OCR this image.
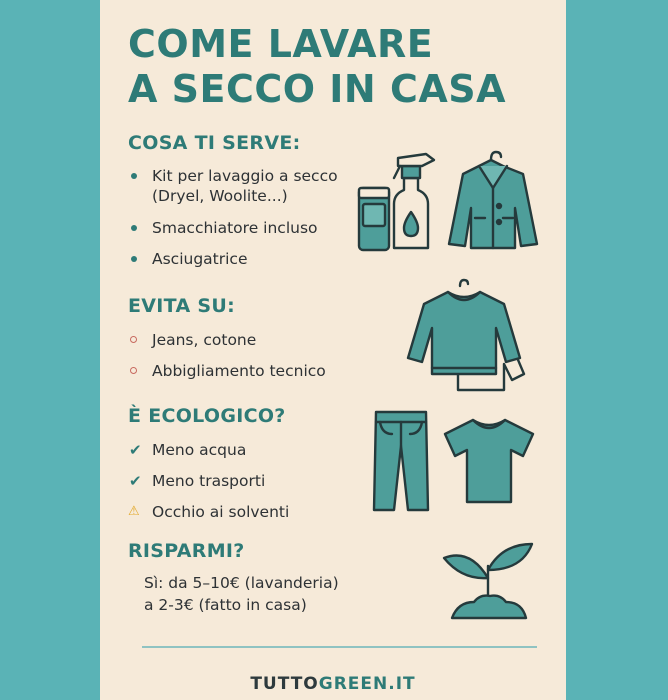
COME LAVARE
A SECCO IN CASA
COSA TI SERVE:
Kit per lavaggio a secco (Dryel, Woolite...)
Smacchiatore incluso
Asciugatrice
EVITA SU:
Jeans, cotone
Abbigliamento tecnico
È ECOLOGICO?
✔ Meno acqua
✔ Meno trasporti
⚠ Occhio ai solventi
RISPARMI?

Sì: da 5–10€ (lavanderia)
a 2-3€ (fatto in casa)

TUTTOGREEN.IT
